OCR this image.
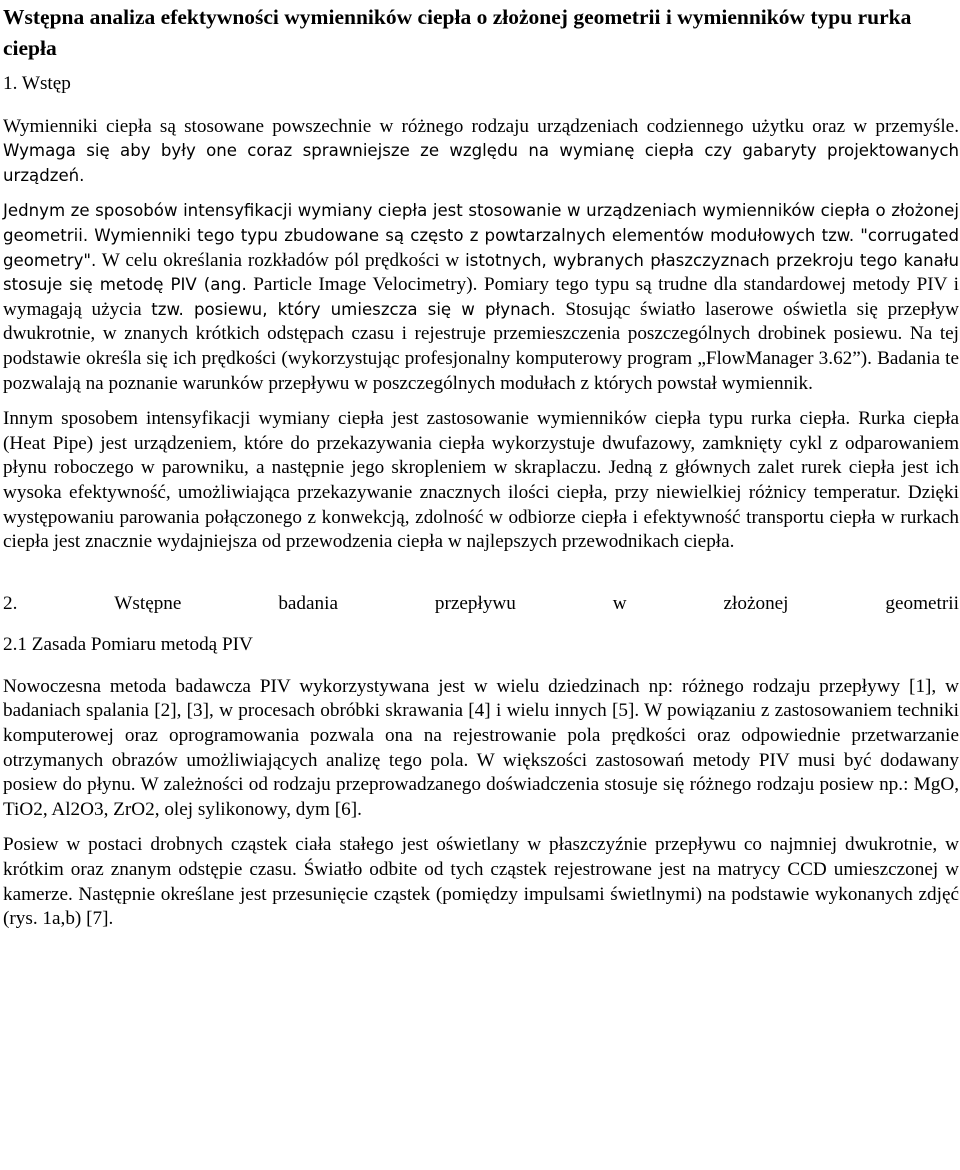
Wstępna analiza efektywności wymienników ciepła o złożonej geometrii i wymienników typu rurka ciepła

1. Wstęp

Wymienniki ciepła są stosowane powszechnie w różnego rodzaju urządzeniach codziennego użytku oraz w przemyśle. Wymaga się aby były one coraz sprawniejsze ze względu na wymianę ciepła czy gabaryty projektowanych urządzeń.

Jednym ze sposobów intensyfikacji wymiany ciepła jest stosowanie w urządzeniach wymienników ciepła o złożonej geometrii. Wymienniki tego typu zbudowane są często z powtarzalnych elementów modułowych tzw. "corrugated geometry". W celu określania rozkładów pól prędkości w istotnych, wybranych płaszczyznach przekroju tego kanału stosuje się metodę PIV (ang. Particle Image Velocimetry). Pomiary tego typu są trudne dla standardowej metody PIV i wymagają użycia tzw. posiewu, który umieszcza się w płynach. Stosując światło laserowe oświetla się przepływ dwukrotnie, w znanych krótkich odstępach czasu i rejestruje przemieszczenia poszczególnych drobinek posiewu. Na tej podstawie określa się ich prędkości (wykorzystując profesjonalny komputerowy program „FlowManager 3.62”). Badania te pozwalają na poznanie warunków przepływu w poszczególnych modułach z których powstał wymiennik.

Innym sposobem intensyfikacji wymiany ciepła jest zastosowanie wymienników ciepła typu rurka ciepła. Rurka ciepła (Heat Pipe) jest urządzeniem, które do przekazywania ciepła wykorzystuje dwufazowy, zamknięty cykl z odparowaniem płynu roboczego w parowniku, a następnie jego skropleniem w skraplaczu. Jedną z głównych zalet rurek ciepła jest ich wysoka efektywność, umożliwiająca przekazywanie znacznych ilości ciepła, przy niewielkiej różnicy temperatur. Dzięki występowaniu parowania połączonego z konwekcją, zdolność w odbiorze ciepła i efektywność transportu ciepła w rurkach ciepła jest znacznie wydajniejsza od przewodzenia ciepła w najlepszych przewodnikach ciepła.

2.	Wstępne	badania	przepływu	w	złożonej	geometrii

2.1 Zasada Pomiaru metodą PIV

Nowoczesna metoda badawcza PIV wykorzystywana jest w wielu dziedzinach np: różnego rodzaju przepływy [1], w badaniach spalania [2], [3], w procesach obróbki skrawania [4] i wielu innych [5]. W powiązaniu z zastosowaniem techniki komputerowej oraz oprogramowania pozwala ona na rejestrowanie pola prędkości oraz odpowiednie przetwarzanie otrzymanych obrazów umożliwiających analizę tego pola. W większości zastosowań metody PIV musi być dodawany posiew do płynu. W zależności od rodzaju przeprowadzanego doświadczenia stosuje się różnego rodzaju posiew np.: MgO, TiO2, Al2O3, ZrO2, olej sylikonowy, dym [6].

Posiew w postaci drobnych cząstek ciała stałego jest oświetlany w płaszczyźnie przepływu co najmniej dwukrotnie, w krótkim oraz znanym odstępie czasu. Światło odbite od tych cząstek rejestrowane jest na matrycy CCD umieszczonej w kamerze. Następnie określane jest przesunięcie cząstek (pomiędzy impulsami świetlnymi) na podstawie wykonanych zdjęć (rys. 1a,b) [7].
